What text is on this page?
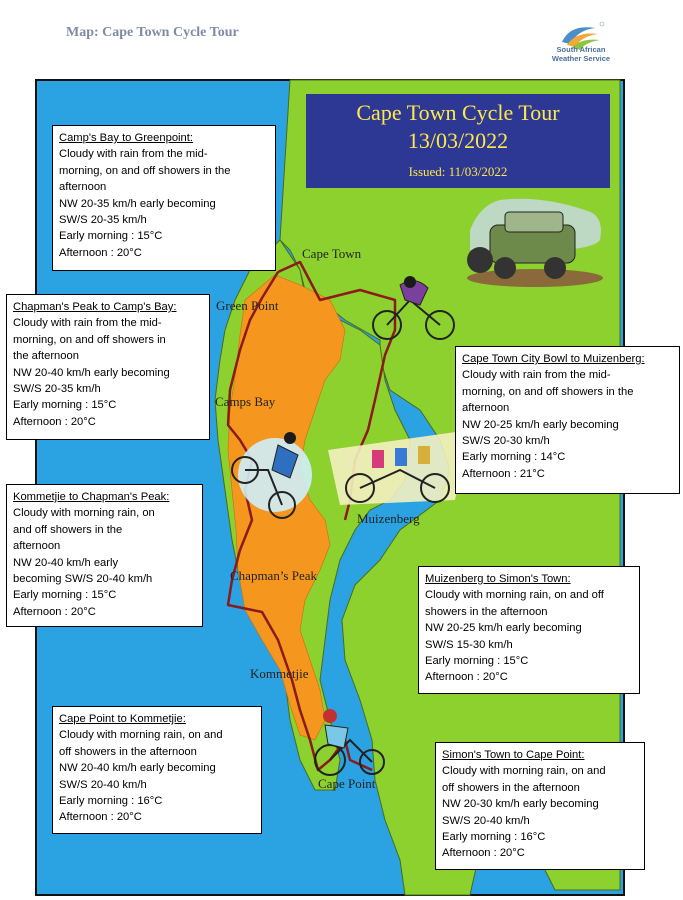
Map: Cape Town Cycle Tour
South African
Weather Service
Cape Town Cycle Tour
13/03/2022
Issued: 11/03/2022
Cape Town
Green Point
Camps Bay
Muizenberg
Chapman’s Peak
Kommetjie
Cape Point
Camp's Bay to Greenpoint:
Cloudy with rain from the mid-
morning, on and off showers in the
afternoon
NW 20-35 km/h early becoming
SW/S 20-35 km/h
Early morning : 15°C
Afternoon : 20°C
Chapman's Peak to Camp's Bay:
Cloudy with rain from the mid-
morning, on and off showers in
the afternoon
NW 20-40 km/h early becoming
SW/S 20-35 km/h
Early morning : 15°C
Afternoon : 20°C
Kommetjie to Chapman's Peak:
Cloudy with morning rain, on
and off showers in the
afternoon
NW 20-40 km/h early
becoming SW/S 20-40 km/h
Early morning : 15°C
Afternoon : 20°C
Cape Point to Kommetjie:
Cloudy with morning rain, on and
off showers in the afternoon
NW 20-40 km/h early becoming
SW/S 20-40 km/h
Early morning : 16°C
Afternoon : 20°C
Cape Town City Bowl to Muizenberg:
Cloudy with rain from the mid-
morning, on and off showers in the
afternoon
NW 20-25 km/h early becoming
SW/S 20-30 km/h
Early morning : 14°C
Afternoon : 21°C
Muizenberg to Simon's Town:
Cloudy with morning rain, on and off
showers in the afternoon
NW 20-25 km/h early becoming
SW/S 15-30 km/h
Early morning : 15°C
Afternoon : 20°C
Simon's Town to Cape Point:
Cloudy with morning rain, on and
off showers in the afternoon
NW 20-30 km/h early becoming
SW/S 20-40 km/h
Early morning : 16°C
Afternoon : 20°C
